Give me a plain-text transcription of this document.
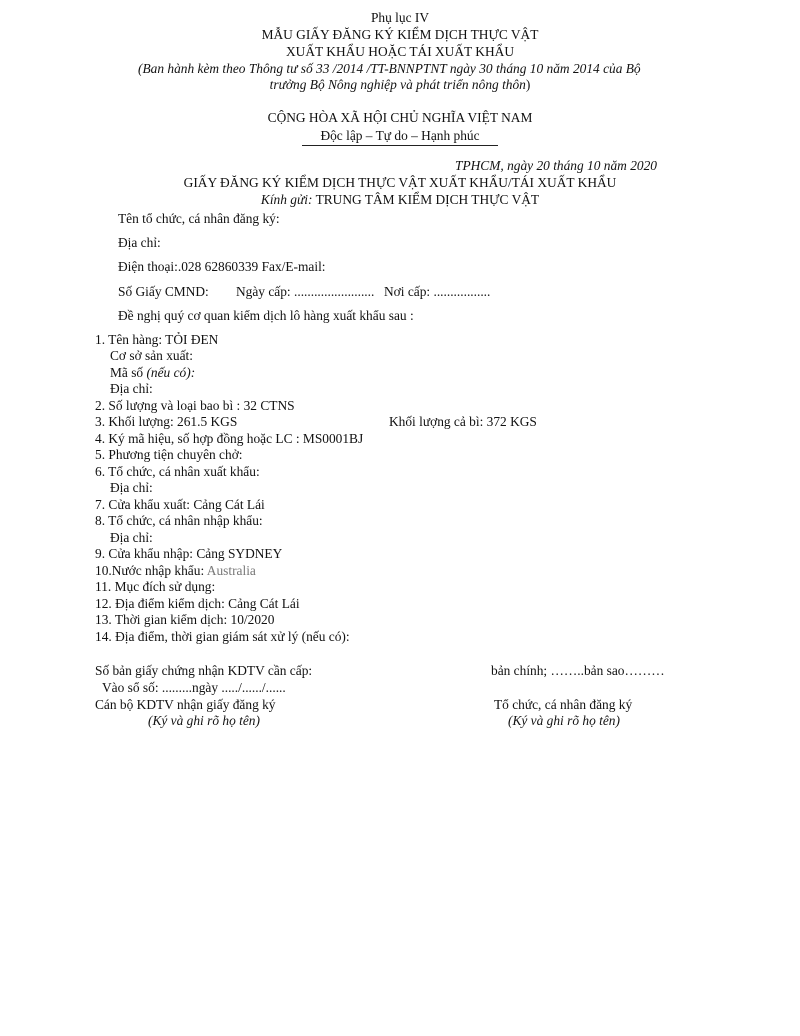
Phụ lục IV
MẪU GIẤY ĐĂNG KÝ KIỂM DỊCH THỰC VẬT
XUẤT KHẨU HOẶC TÁI XUẤT KHẨU
(Ban hành kèm theo Thông tư số 33 /2014 /TT-BNNPTNT ngày 30 tháng 10 năm 2014 của Bộ
trưởng Bộ Nông nghiệp và phát triển nông thôn)
CỘNG HÒA XÃ HỘI CHỦ NGHĨA VIỆT NAM
Độc lập – Tự do – Hạnh phúc
TPHCM, ngày 20 tháng 10 năm 2020
GIẤY ĐĂNG KÝ KIỂM DỊCH THỰC VẬT XUẤT KHẨU/TÁI XUẤT KHẨU
Kính gửi: TRUNG TÂM KIỂM DỊCH THỰC VẬT
Tên tổ chức, cá nhân đăng ký:
Địa chỉ:
Điện thoại:.028 62860339 Fax/E-mail:
Số Giấy CMND: Ngày cấp: ........................ Nơi cấp: .................
Đề nghị quý cơ quan kiểm dịch lô hàng xuất khẩu sau :
1. Tên hàng: TỎI ĐEN
Cơ sở sản xuất:
Mã số (nếu có):
Địa chỉ:
2. Số lượng và loại bao bì : 32 CTNS
3. Khối lượng: 261.5 KGS	Khối lượng cả bì: 372 KGS
4. Ký mã hiệu, số hợp đồng hoặc LC : MS0001BJ
5. Phương tiện chuyên chở:
6. Tổ chức, cá nhân xuất khẩu:
Địa chỉ:
7. Cửa khẩu xuất: Cảng Cát Lái
8. Tổ chức, cá nhân nhập khẩu:
Địa chỉ:
9. Cửa khẩu nhập: Cảng SYDNEY
10.Nước nhập khẩu: Australia
11. Mục đích sử dụng:
12. Địa điểm kiểm dịch: Cảng Cát Lái
13. Thời gian kiểm dịch: 10/2020
14. Địa điểm, thời gian giám sát xử lý (nếu có):
Số bản giấy chứng nhận KDTV cần cấp:	bản chính; ……..bản sao………
Vào sổ số: .........ngày ...../....../......
Cán bộ KDTV nhận giấy đăng ký
(Ký và ghi rõ họ tên)
Tổ chức, cá nhân đăng ký
(Ký và ghi rõ họ tên)
